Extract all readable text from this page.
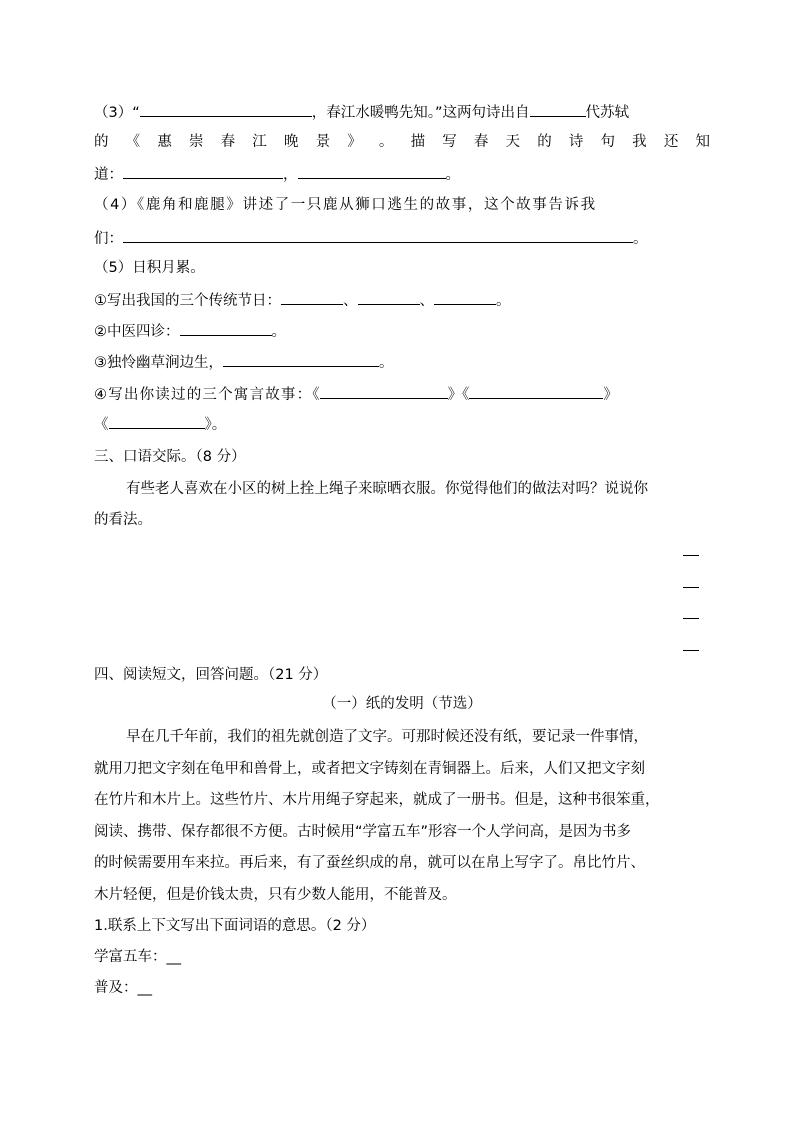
（3）“	，春江水暖鸭先知。”这两句诗出自	代苏轼
的 《 惠 崇 春 江 晚 景 》 。 描 写 春 天 的 诗 句 我 还 知
道：	，	。
（4）《鹿角和鹿腿》讲述了一只鹿从狮口逃生的故事，这个故事告诉我
们：	。
（5）日积月累。
①写出我国的三个传统节日：	、	、	。
②中医四诊：	。
③独怜幽草涧边生，	。
④写出你读过的三个寓言故事：《	》《	》
《	》。
三、口语交际。（8 分）
有些老人喜欢在小区的树上拴上绳子来晾晒衣服。你觉得他们的做法对吗？说说你
的看法。
四、阅读短文，回答问题。（21 分）
（一）纸的发明（节选）
早在几千年前，我们的祖先就创造了文字。可那时候还没有纸，要记录一件事情，
就用刀把文字刻在龟甲和兽骨上，或者把文字铸刻在青铜器上。后来，人们又把文字刻
在竹片和木片上。这些竹片、木片用绳子穿起来，就成了一册书。但是，这种书很笨重，
阅读、携带、保存都很不方便。古时候用“学富五车”形容一个人学问高，是因为书多
的时候需要用车来拉。再后来，有了蚕丝织成的帛，就可以在帛上写字了。帛比竹片、
木片轻便，但是价钱太贵，只有少数人能用，不能普及。
1.联系上下文写出下面词语的意思。（2 分）
学富五车：__
普及：__
